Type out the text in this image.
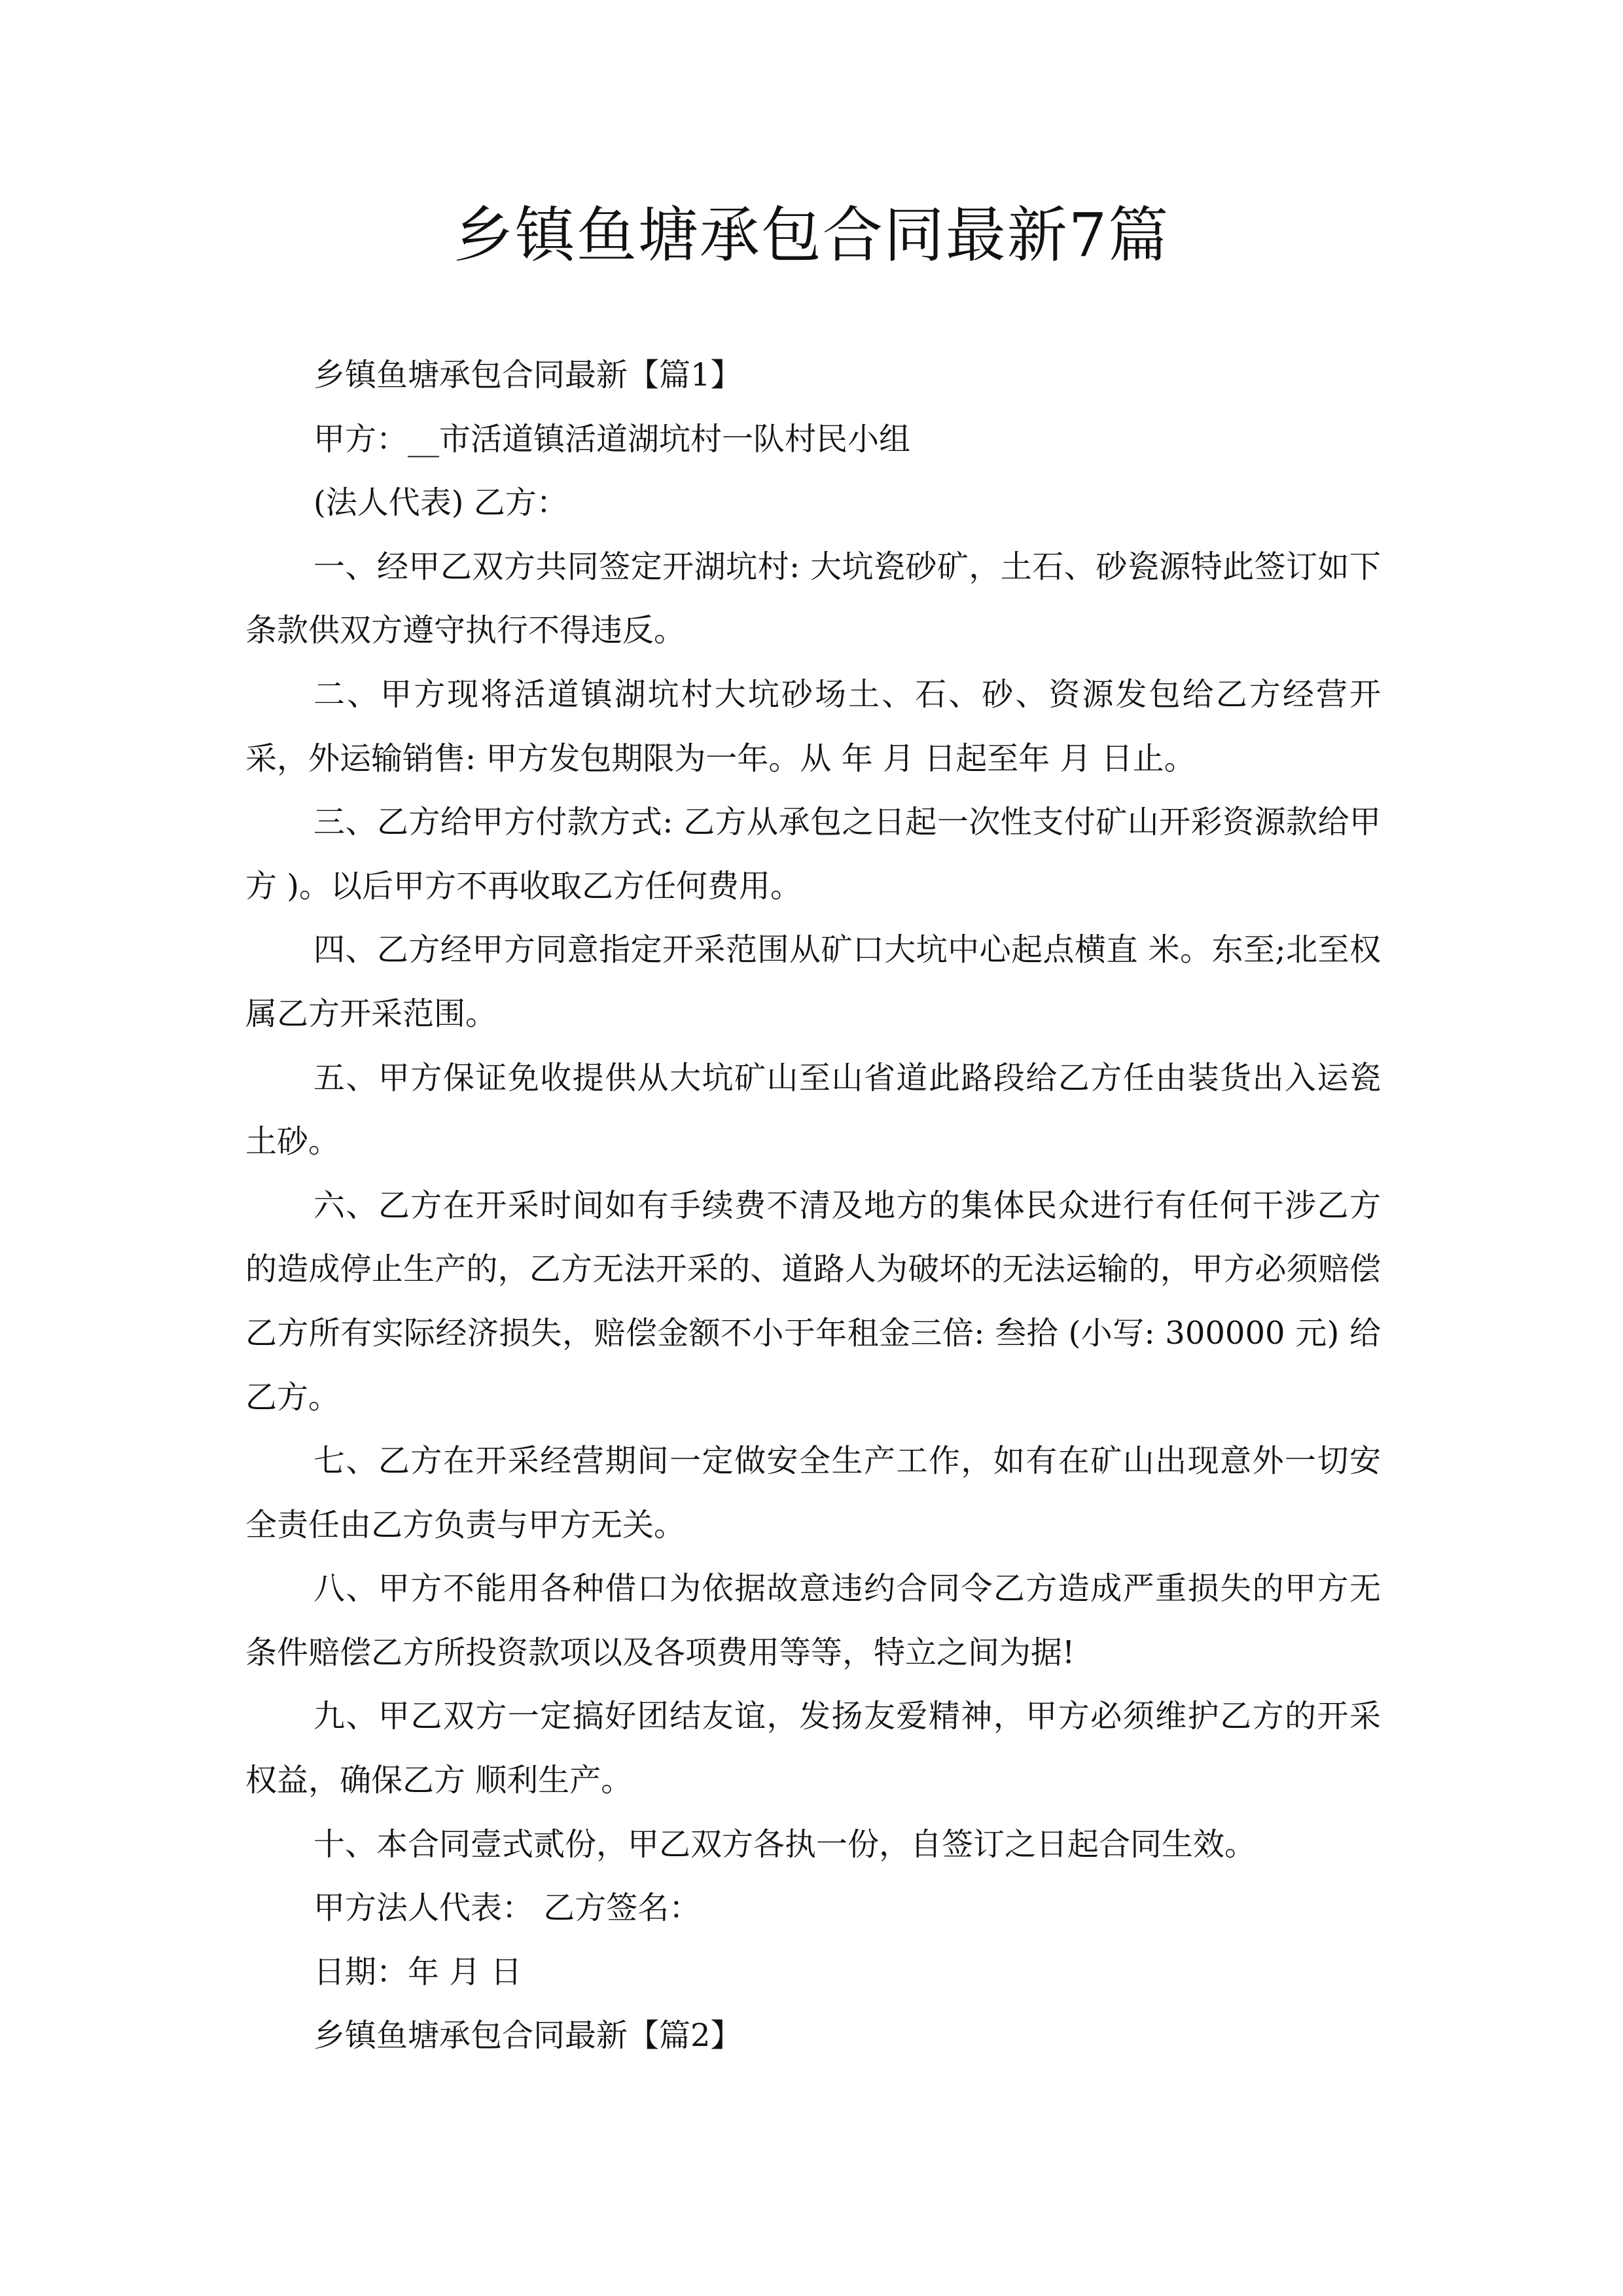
乡镇鱼塘承包合同最新7篇

乡镇鱼塘承包合同最新【篇1】

甲方：__市活道镇活道湖坑村一队村民小组

(法人代表) 乙方：

一、经甲乙双方共同签定开湖坑村: 大坑瓷砂矿，土石、砂瓷源特此签订如下条款供双方遵守执行不得违反。

二、甲方现将活道镇湖坑村大坑砂场土、石、砂、资源发包给乙方经营开采，外运输销售: 甲方发包期限为一年。从 年 月 日起至年 月 日止。

三、乙方给甲方付款方式: 乙方从承包之日起一次性支付矿山开彩资源款给甲方 )。以后甲方不再收取乙方任何费用。

四、乙方经甲方同意指定开采范围从矿口大坑中心起点横直 米。东至;北至权属乙方开采范围。

五、甲方保证免收提供从大坑矿山至山省道此路段给乙方任由装货出入运瓷土砂。

六、乙方在开采时间如有手续费不清及地方的集体民众进行有任何干涉乙方的造成停止生产的，乙方无法开采的、道路人为破坏的无法运输的，甲方必须赔偿乙方所有实际经济损失，赔偿金额不小于年租金三倍: 叁拾 (小写: 300000 元) 给乙方。

七、乙方在开采经营期间一定做安全生产工作，如有在矿山出现意外一切安全责任由乙方负责与甲方无关。

八、甲方不能用各种借口为依据故意违约合同令乙方造成严重损失的甲方无条件赔偿乙方所投资款项以及各项费用等等，特立之间为据!

九、甲乙双方一定搞好团结友谊，发扬友爱精神，甲方必须维护乙方的开采权益，确保乙方 顺利生产。

十、本合同壹式贰份，甲乙双方各执一份，自签订之日起合同生效。

甲方法人代表： 乙方签名：

日期：年 月 日

乡镇鱼塘承包合同最新【篇2】
